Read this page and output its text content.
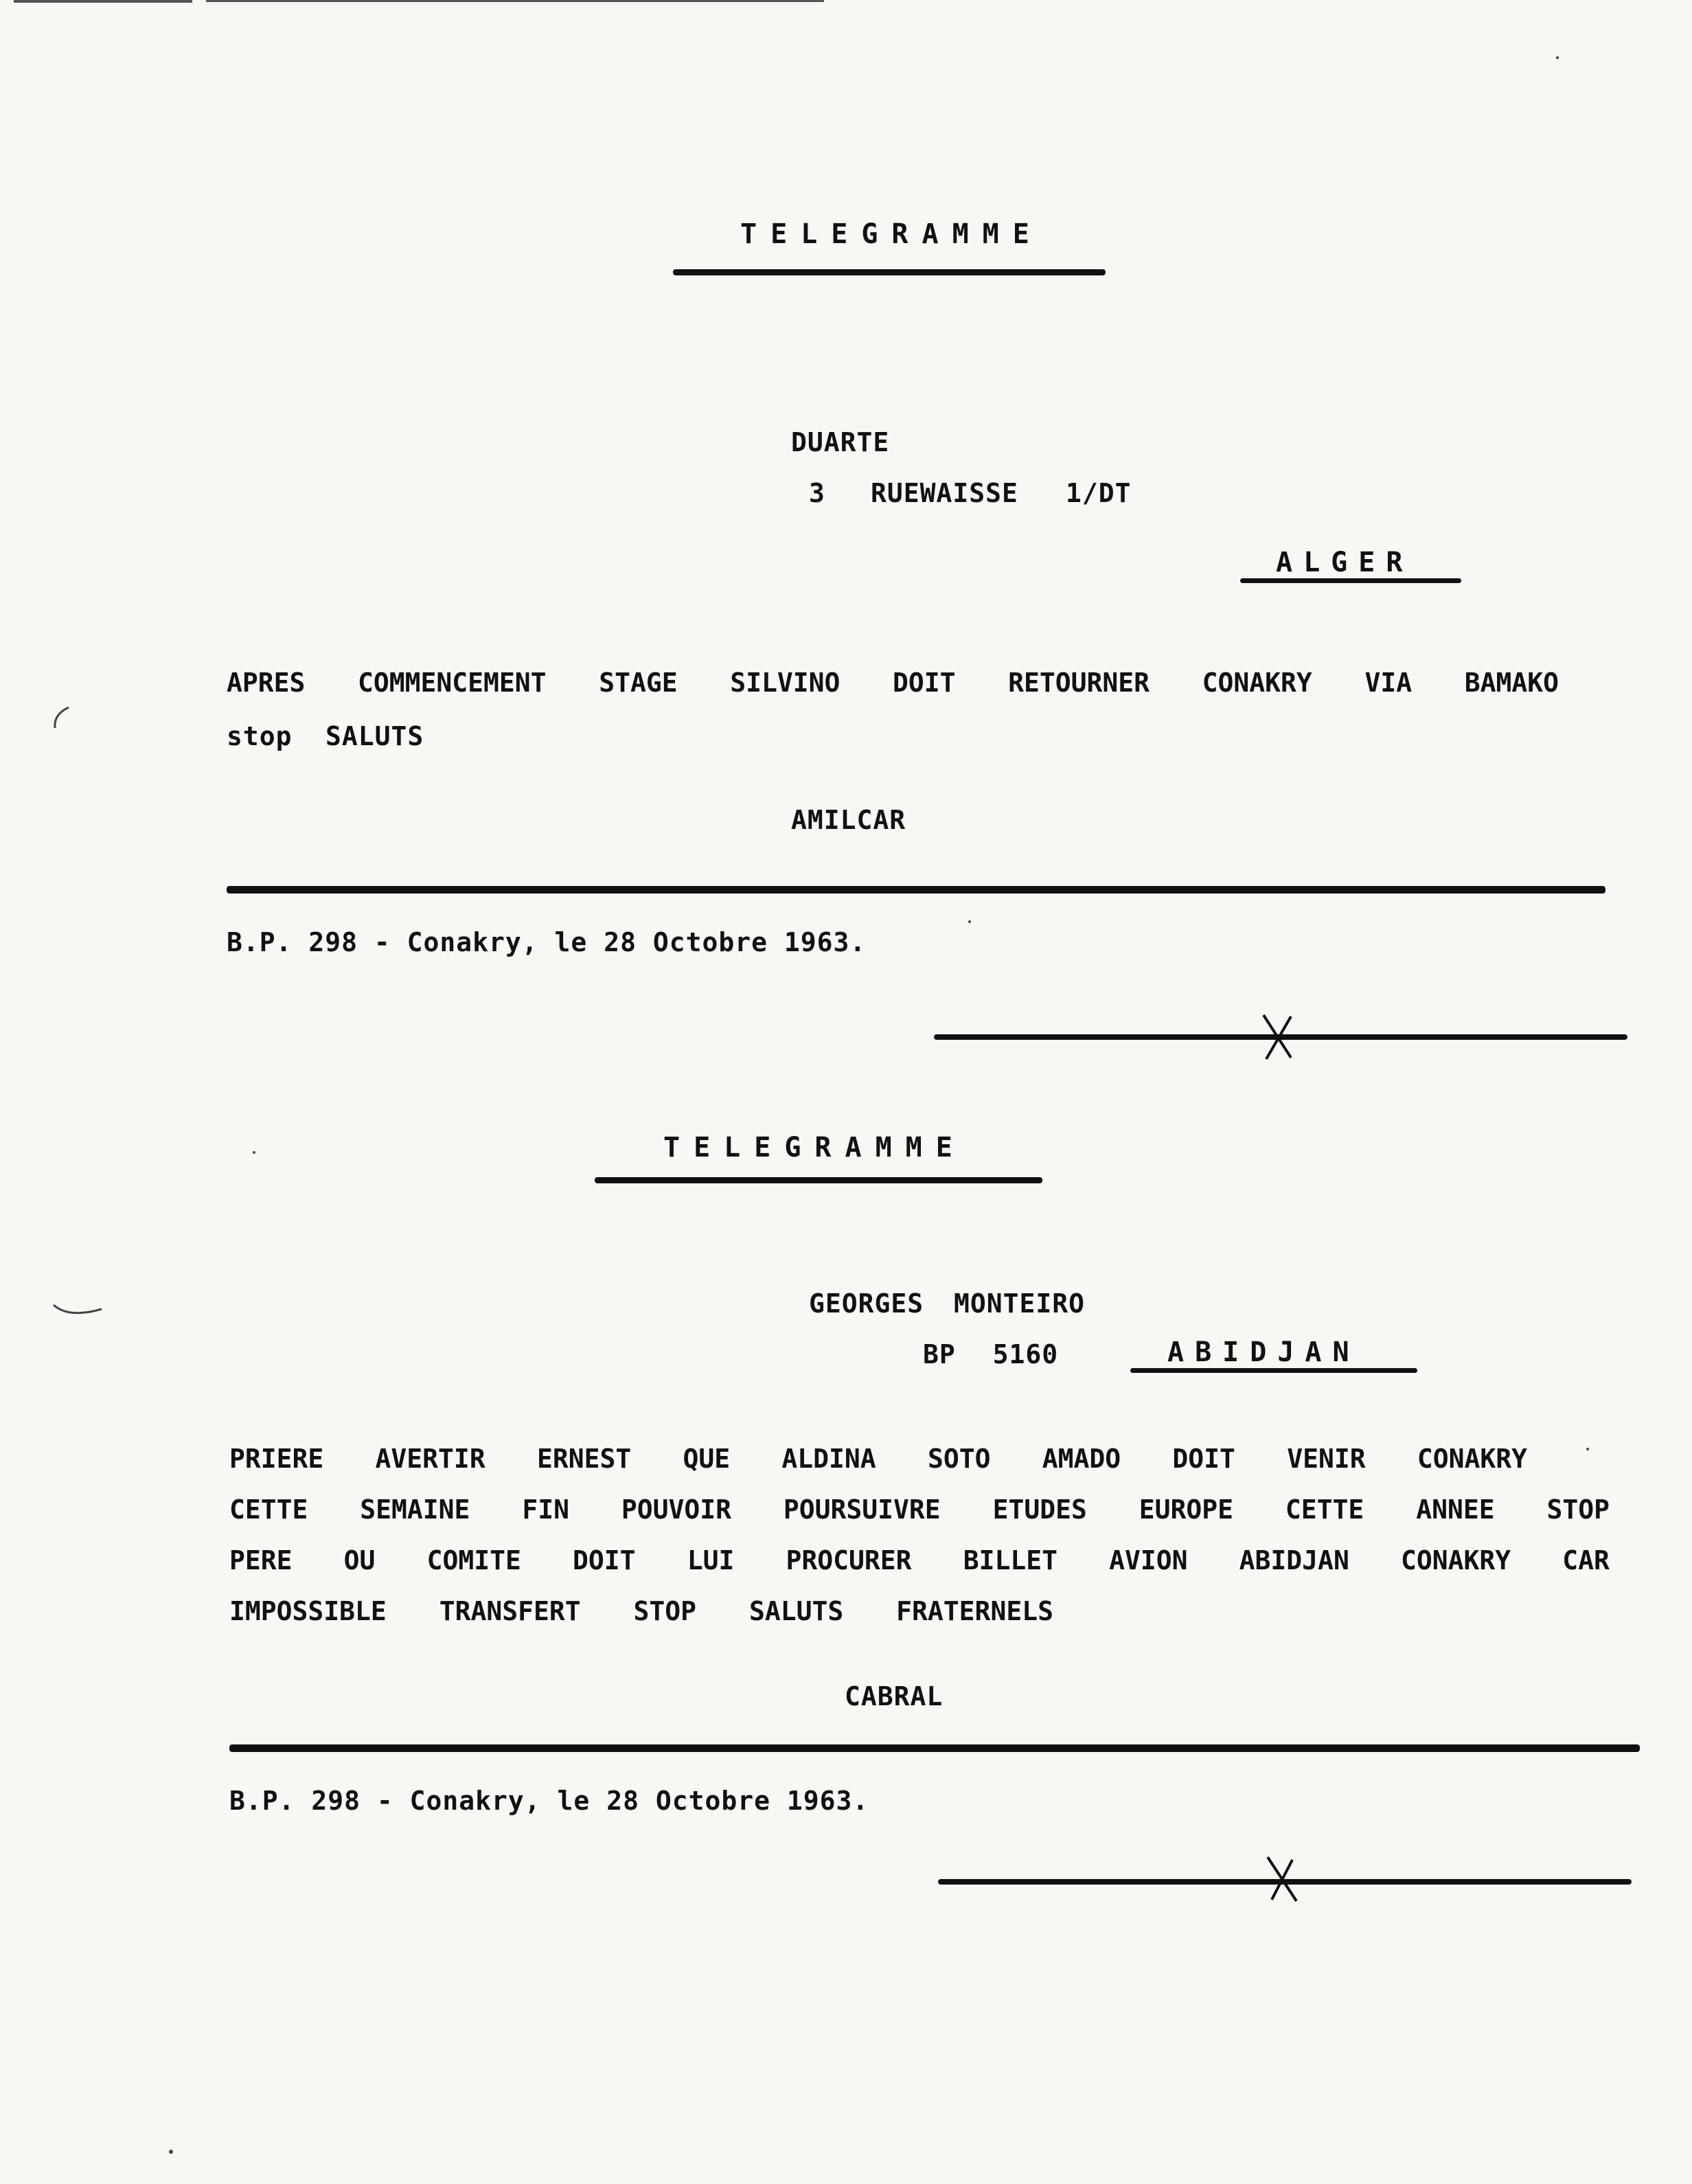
TELEGRAMME
DUARTE
3 RUEWAISSE 1/DT
ALGER
APRES COMMENCEMENT STAGE SILVINO DOIT RETOURNER CONAKRY VIA BAMAKO
stop SALUTS
AMILCAR
B.P. 298 - Conakry, le 28 Octobre 1963.
TELEGRAMME
GEORGES MONTEIRO
BP 5160	ABIDJAN
PRIERE AVERTIR ERNEST QUE ALDINA SOTO AMADO DOIT VENIR CONAKRY
CETTE SEMAINE FIN POUVOIR POURSUIVRE ETUDES EUROPE CETTE ANNEE STOP
PERE OU COMITE DOIT LUI PROCURER BILLET AVION ABIDJAN CONAKRY CAR
IMPOSSIBLE TRANSFERT STOP SALUTS FRATERNELS
CABRAL
B.P. 298 - Conakry, le 28 Octobre 1963.
